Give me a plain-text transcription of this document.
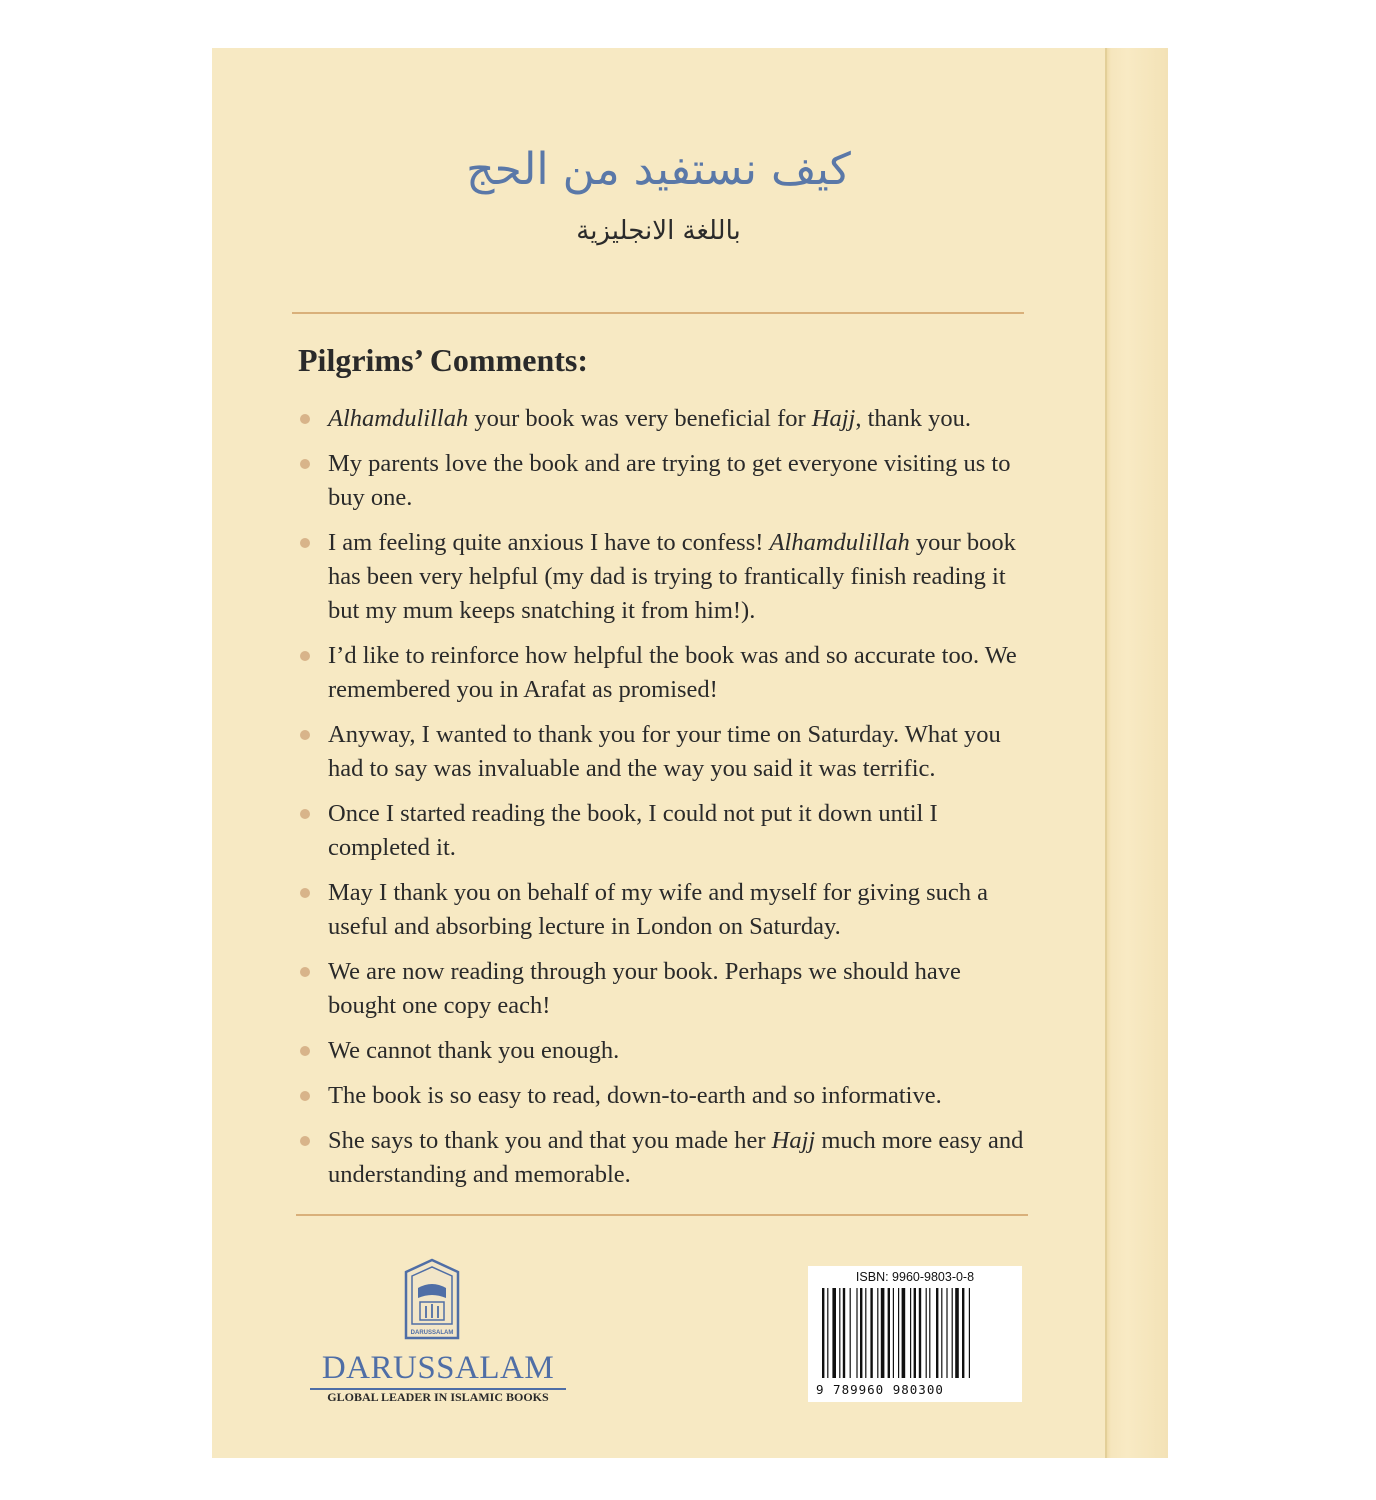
كيف نستفيد من الحج
باللغة الانجليزية
Pilgrims’ Comments:
Alhamdulillah your book was very beneficial for Hajj, thank you.
My parents love the book and are trying to get everyone visiting us to buy one.
I am feeling quite anxious I have to confess! Alhamdulillah your book has been very helpful (my dad is trying to frantically finish reading it but my mum keeps snatching it from him!).
I’d like to reinforce how helpful the book was and so accurate too. We remembered you in Arafat as promised!
Anyway, I wanted to thank you for your time on Saturday. What you had to say was invaluable and the way you said it was terrific.
Once I started reading the book, I could not put it down until I completed it.
May I thank you on behalf of my wife and myself for giving such a useful and absorbing lecture in London on Saturday.
We are now reading through your book. Perhaps we should have bought one copy each!
We cannot thank you enough.
The book is so easy to read, down-to-earth and so informative.
She says to thank you and that you made her Hajj much more easy and understanding and memorable.
DARUSSALAM
DARUSSALAM
GLOBAL LEADER IN ISLAMIC BOOKS
ISBN: 9960-9803-0-8
9 789960 980300
